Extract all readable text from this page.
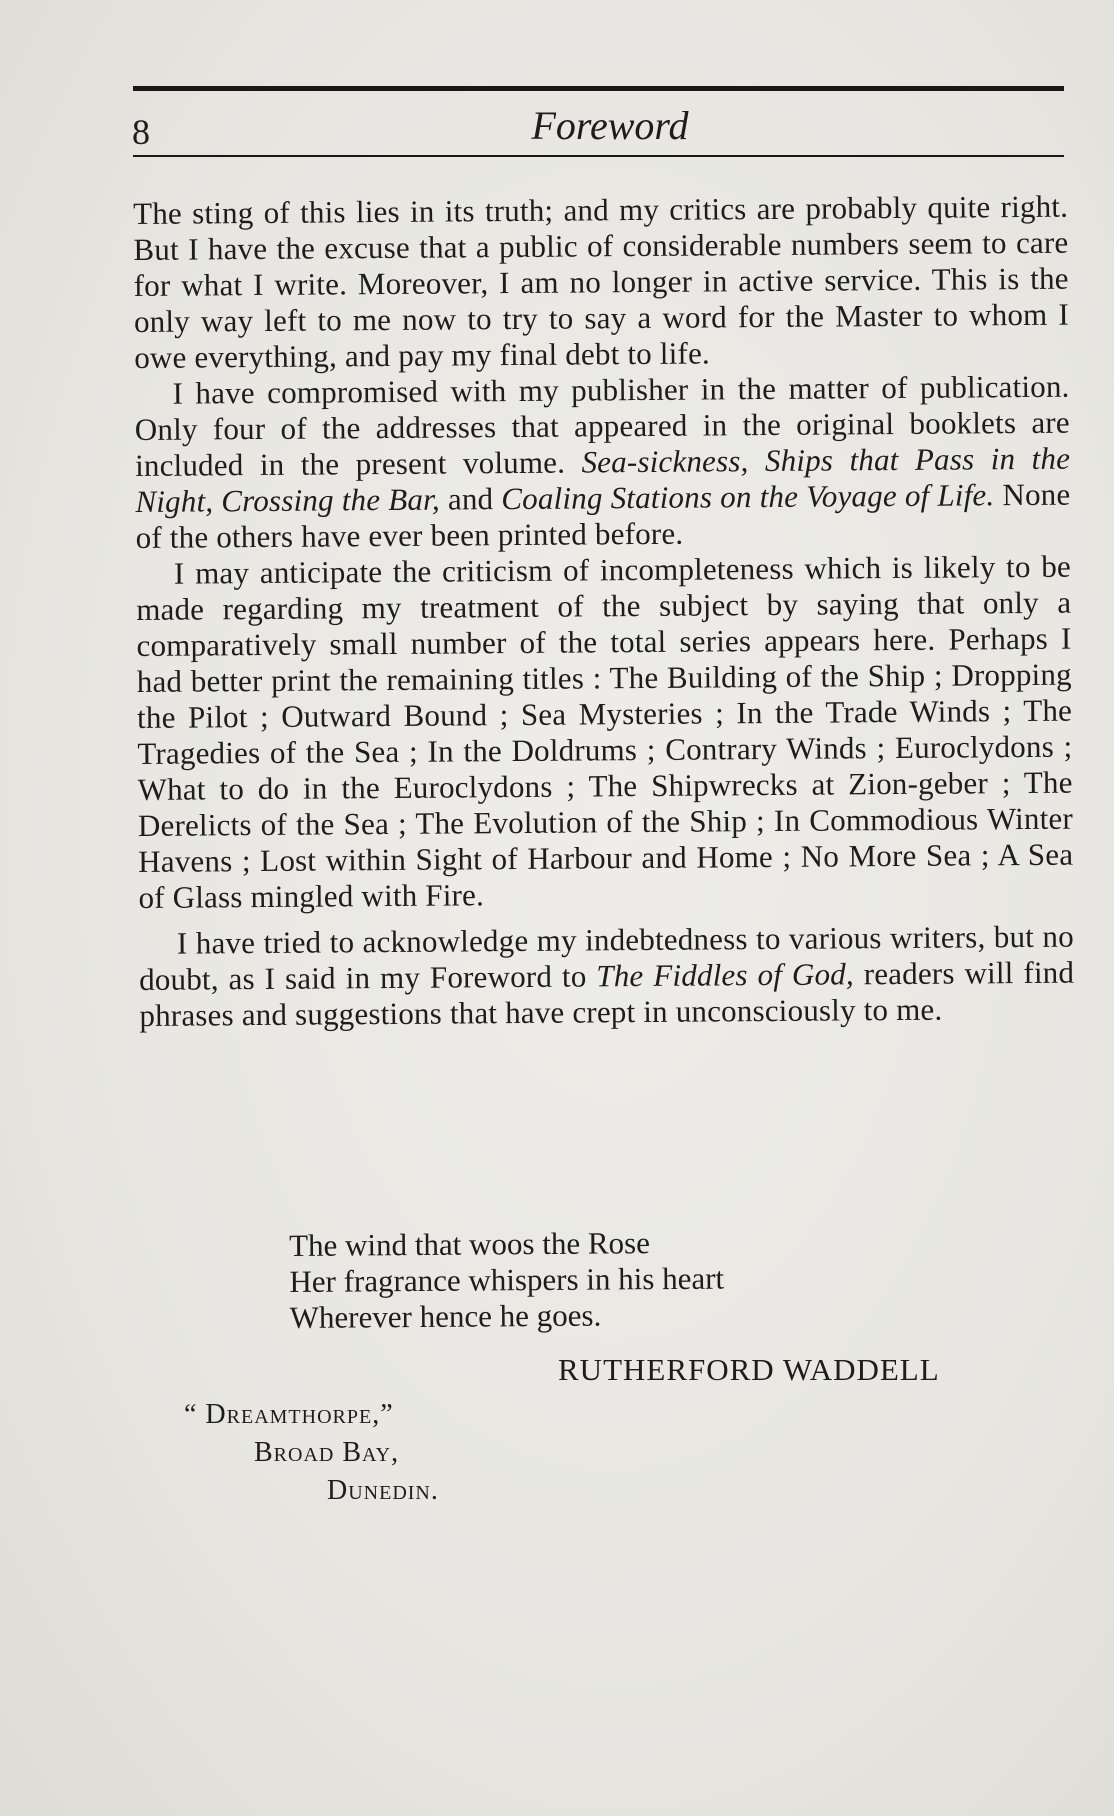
8	Foreword

The sting of this lies in its truth; and my critics are probably quite right. But I have the excuse that a public of considerable numbers seem to care for what I write. Moreover, I am no longer in active service. This is the only way left to me now to try to say a word for the Master to whom I owe everything, and pay my final debt to life.

I have compromised with my publisher in the matter of publication. Only four of the addresses that appeared in the original booklets are included in the present volume. Sea-sickness, Ships that Pass in the Night, Crossing the Bar, and Coaling Stations on the Voyage of Life. None of the others have ever been printed before.

I may anticipate the criticism of incompleteness which is likely to be made regarding my treatment of the subject by saying that only a comparatively small number of the total series appears here. Perhaps I had better print the remaining titles : The Building of the Ship ; Dropping the Pilot ; Outward Bound ; Sea Mysteries ; In the Trade Winds ; The Tragedies of the Sea ; In the Doldrums ; Contrary Winds ; Euroclydons ; What to do in the Euroclydons ; The Shipwrecks at Zion-geber ; The Derelicts of the Sea ; The Evolution of the Ship ; In Commodious Winter Havens ; Lost within Sight of Harbour and Home ; No More Sea ; A Sea of Glass mingled with Fire.

I have tried to acknowledge my indebtedness to various writers, but no doubt, as I said in my Foreword to The Fiddles of God, readers will find phrases and suggestions that have crept in unconsciously to me.

The wind that woos the Rose
Her fragrance whispers in his heart
Wherever hence he goes.
RUTHERFORD WADDELL
“ Dreamthorpe,”
Broad Bay,
Dunedin.
